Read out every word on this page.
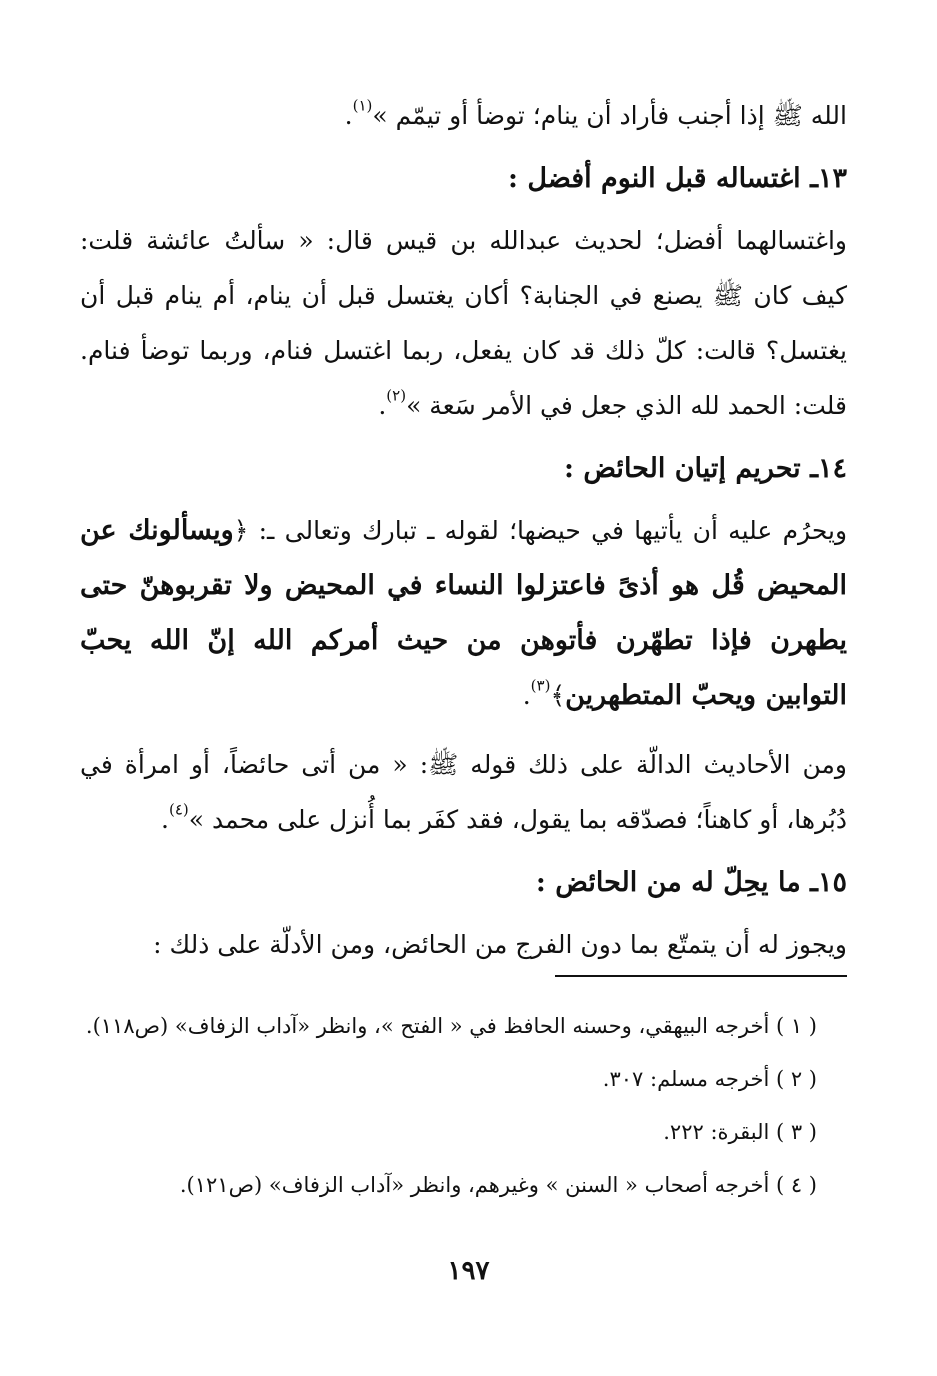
الله ﷺ إذا أجنب فأراد أن ينام؛ توضأ أو تيمّم »$^{(١)}$.

١٣ـ اغتساله قبل النوم أفضل :

واغتسالهما أفضل؛ لحديث عبدالله بن قيس قال: « سألتُ عائشة قلت: كيف كان ﷺ يصنع في الجنابة؟ أكان يغتسل قبل أن ينام، أم ينام قبل أن يغتسل؟ قالت: كلّ ذلك قد كان يفعل، ربما اغتسل فنام، وربما توضأ فنام. قلت: الحمد لله الذي جعل في الأمر سَعة »$^{(٢)}$.

١٤ـ تحريم إتيان الحائض :

ويحرُم عليه أن يأتيها في حيضها؛ لقوله ـ تبارك وتعالى ـ: ﴿ويسألونك عن المحيض قُل هو أذىً فاعتزلوا النساء في المحيض ولا تقربوهنّ حتى يطهرن فإذا تطهّرن فأتوهن من حيث أمركم الله إنّ الله يحبّ التوابين ويحبّ المتطهرين﴾$^{(٣)}$.

ومن الأحاديث الدالّة على ذلك قوله ﷺ: « من أتى حائضاً، أو امرأة في دُبُرها، أو كاهناً؛ فصدّقه بما يقول، فقد كفَر بما أُنزل على محمد »$^{(٤)}$.

١٥ـ ما يحِلّ له من الحائض :

ويجوز له أن يتمتّع بما دون الفرج من الحائض، ومن الأدلّة على ذلك :

( ١ ) أخرجه البيهقي، وحسنه الحافظ في « الفتح »، وانظر «آداب الزفاف» (ص١١٨).

( ٢ ) أخرجه مسلم: ٣٠٧.

( ٣ ) البقرة: ٢٢٢.

( ٤ ) أخرجه أصحاب « السنن » وغيرهم، وانظر «آداب الزفاف» (ص١٢١).

١٩٧
